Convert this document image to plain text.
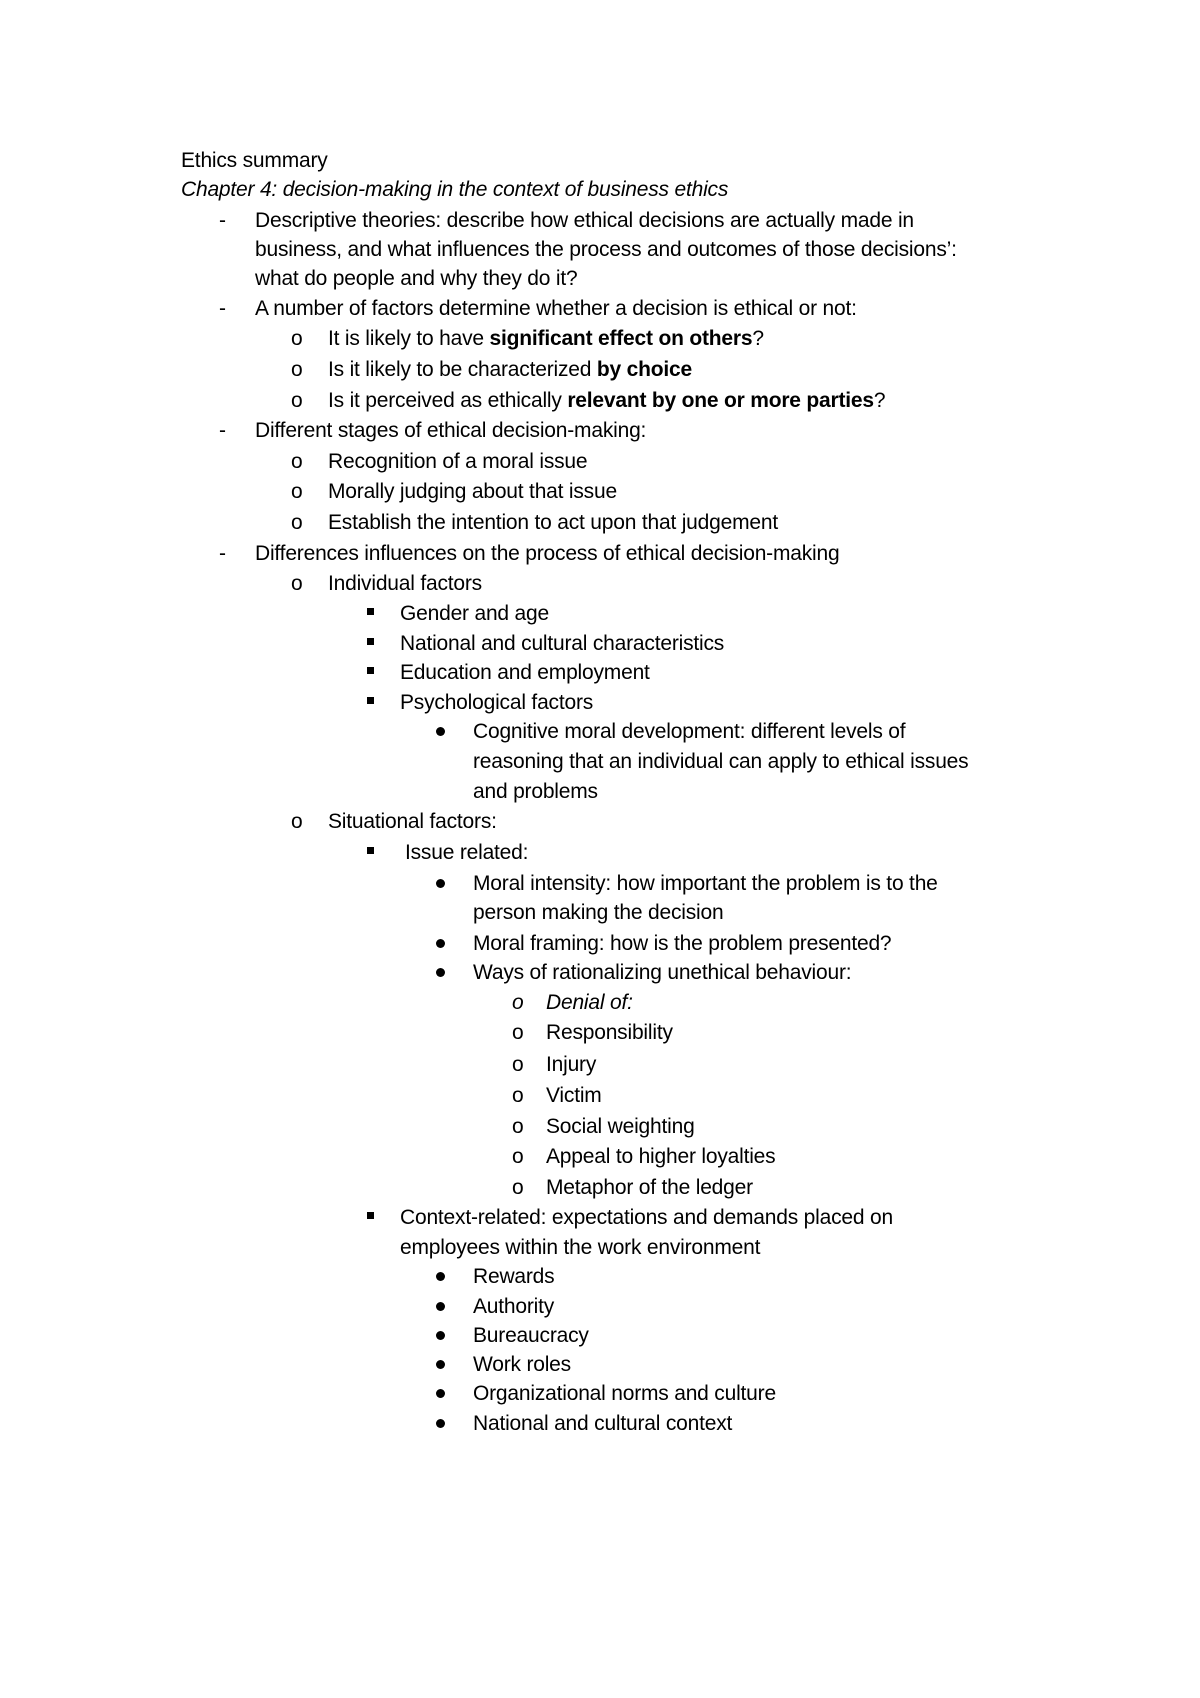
Ethics summary
Chapter 4: decision-making in the context of business ethics
- Descriptive theories: describe how ethical decisions are actually made in
business, and what influences the process and outcomes of those decisions’:
what do people and why they do it?
- A number of factors determine whether a decision is ethical or not:
o It is likely to have significant effect on others?
o Is it likely to be characterized by choice
o Is it perceived as ethically relevant by one or more parties?
- Different stages of ethical decision-making:
o Recognition of a moral issue
o Morally judging about that issue
o Establish the intention to act upon that judgement
- Differences influences on the process of ethical decision-making
o Individual factors
Gender and age
National and cultural characteristics
Education and employment
Psychological factors
Cognitive moral development: different levels of
reasoning that an individual can apply to ethical issues
and problems
o Situational factors:
Issue related:
Moral intensity: how important the problem is to the
person making the decision
Moral framing: how is the problem presented?
Ways of rationalizing unethical behaviour:
o Denial of:
o Responsibility
o Injury
o Victim
o Social weighting
o Appeal to higher loyalties
o Metaphor of the ledger
Context-related: expectations and demands placed on
employees within the work environment
Rewards
Authority
Bureaucracy
Work roles
Organizational norms and culture
National and cultural context
